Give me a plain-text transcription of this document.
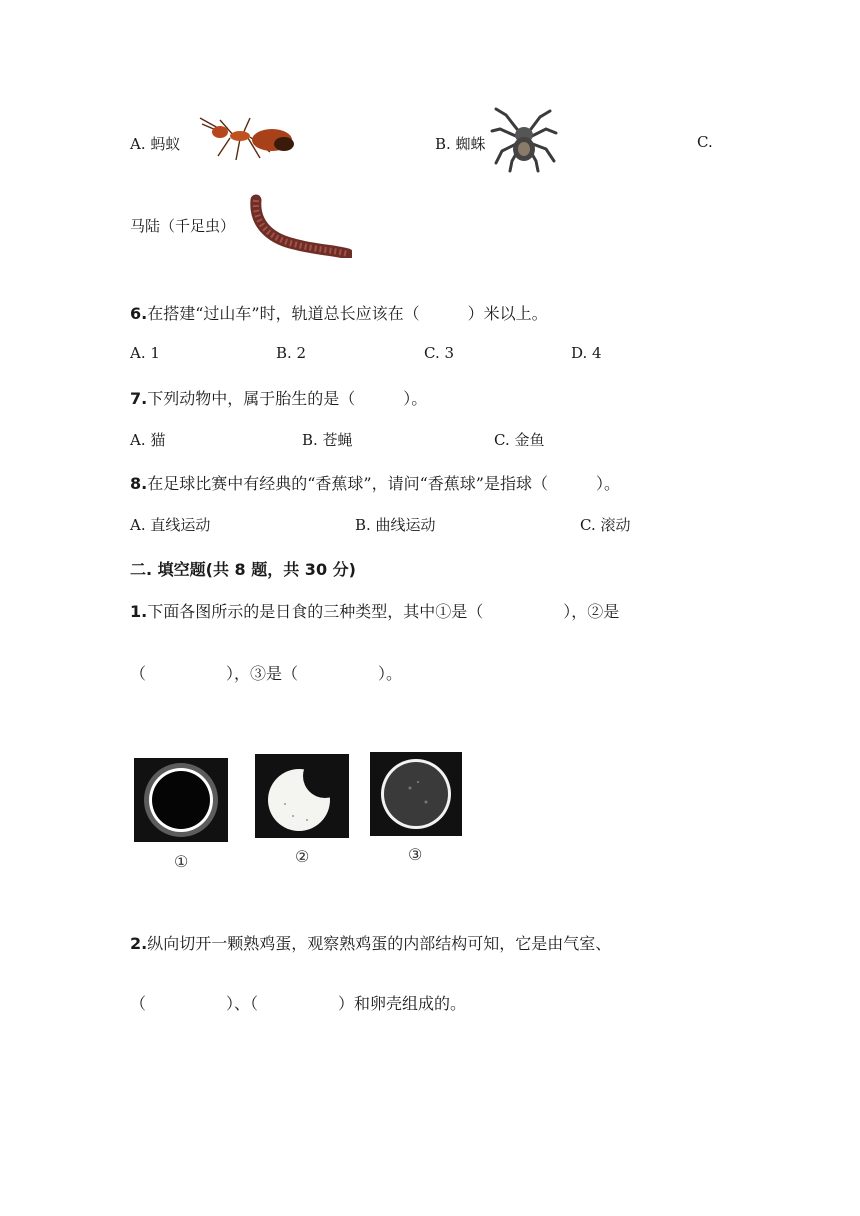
A. 蚂蚁	B. 蜘蛛	C.
马陆（千足虫）
6.在搭建“过山车”时，轨道总长应该在（　　　）米以上。
A. 1	B. 2	C. 3	D. 4
7.下列动物中，属于胎生的是（　　　）。
A. 猫	B. 苍蝇	C. 金鱼
8.在足球比赛中有经典的“香蕉球”，请问“香蕉球”是指球（　　　）。
A. 直线运动	B. 曲线运动	C. 滚动
二. 填空题(共 8 题，共 30 分)
1.下面各图所示的是日食的三种类型，其中①是（　　　　　），②是
（　　　　　），③是（　　　　　）。
①	②	③
2.纵向切开一颗熟鸡蛋，观察熟鸡蛋的内部结构可知，它是由气室、
（　　　　　）、（　　　　　）和卵壳组成的。
